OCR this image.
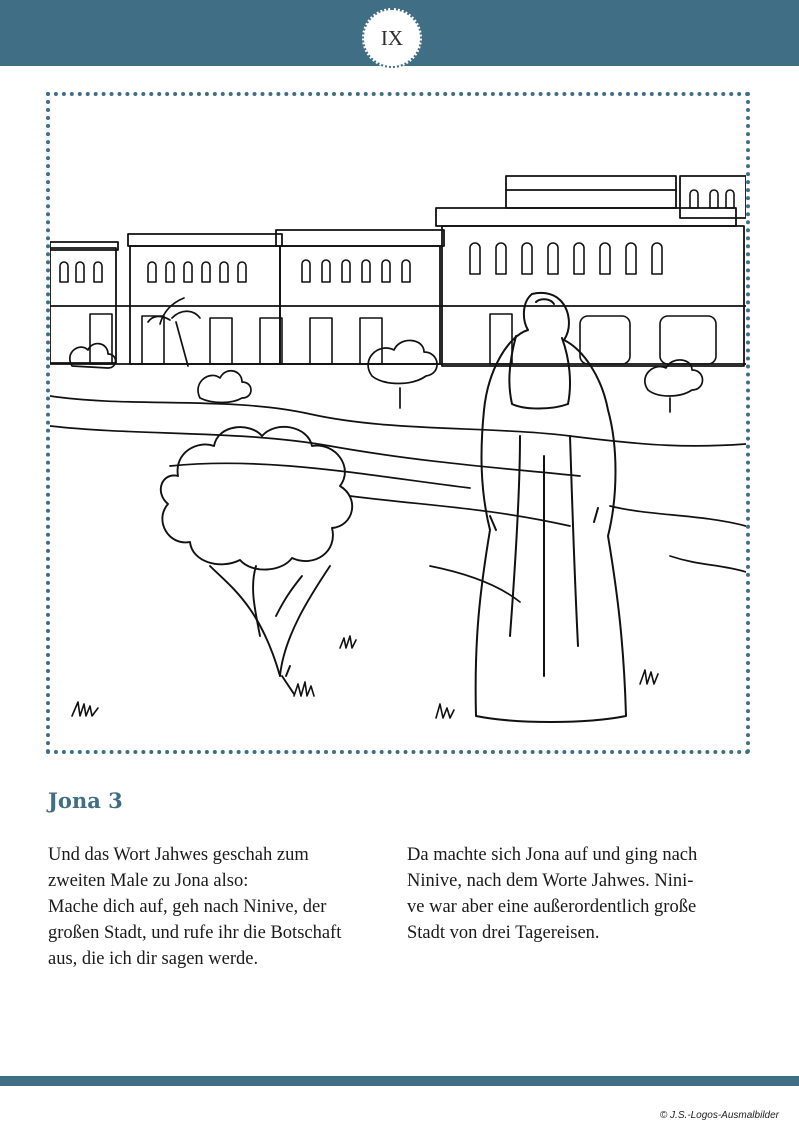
IX
Jona 3

Und das Wort Jahwes geschah zum
zweiten Male zu Jona also:
Mache dich auf, geh nach Ninive, der
großen Stadt, und rufe ihr die Botschaft
aus, die ich dir sagen werde.

Da machte sich Jona auf und ging nach
Ninive, nach dem Worte Jahwes. Nini-
ve war aber eine außerordentlich große
Stadt von drei Tagereisen.

© J.S.-Logos-Ausmalbilder
